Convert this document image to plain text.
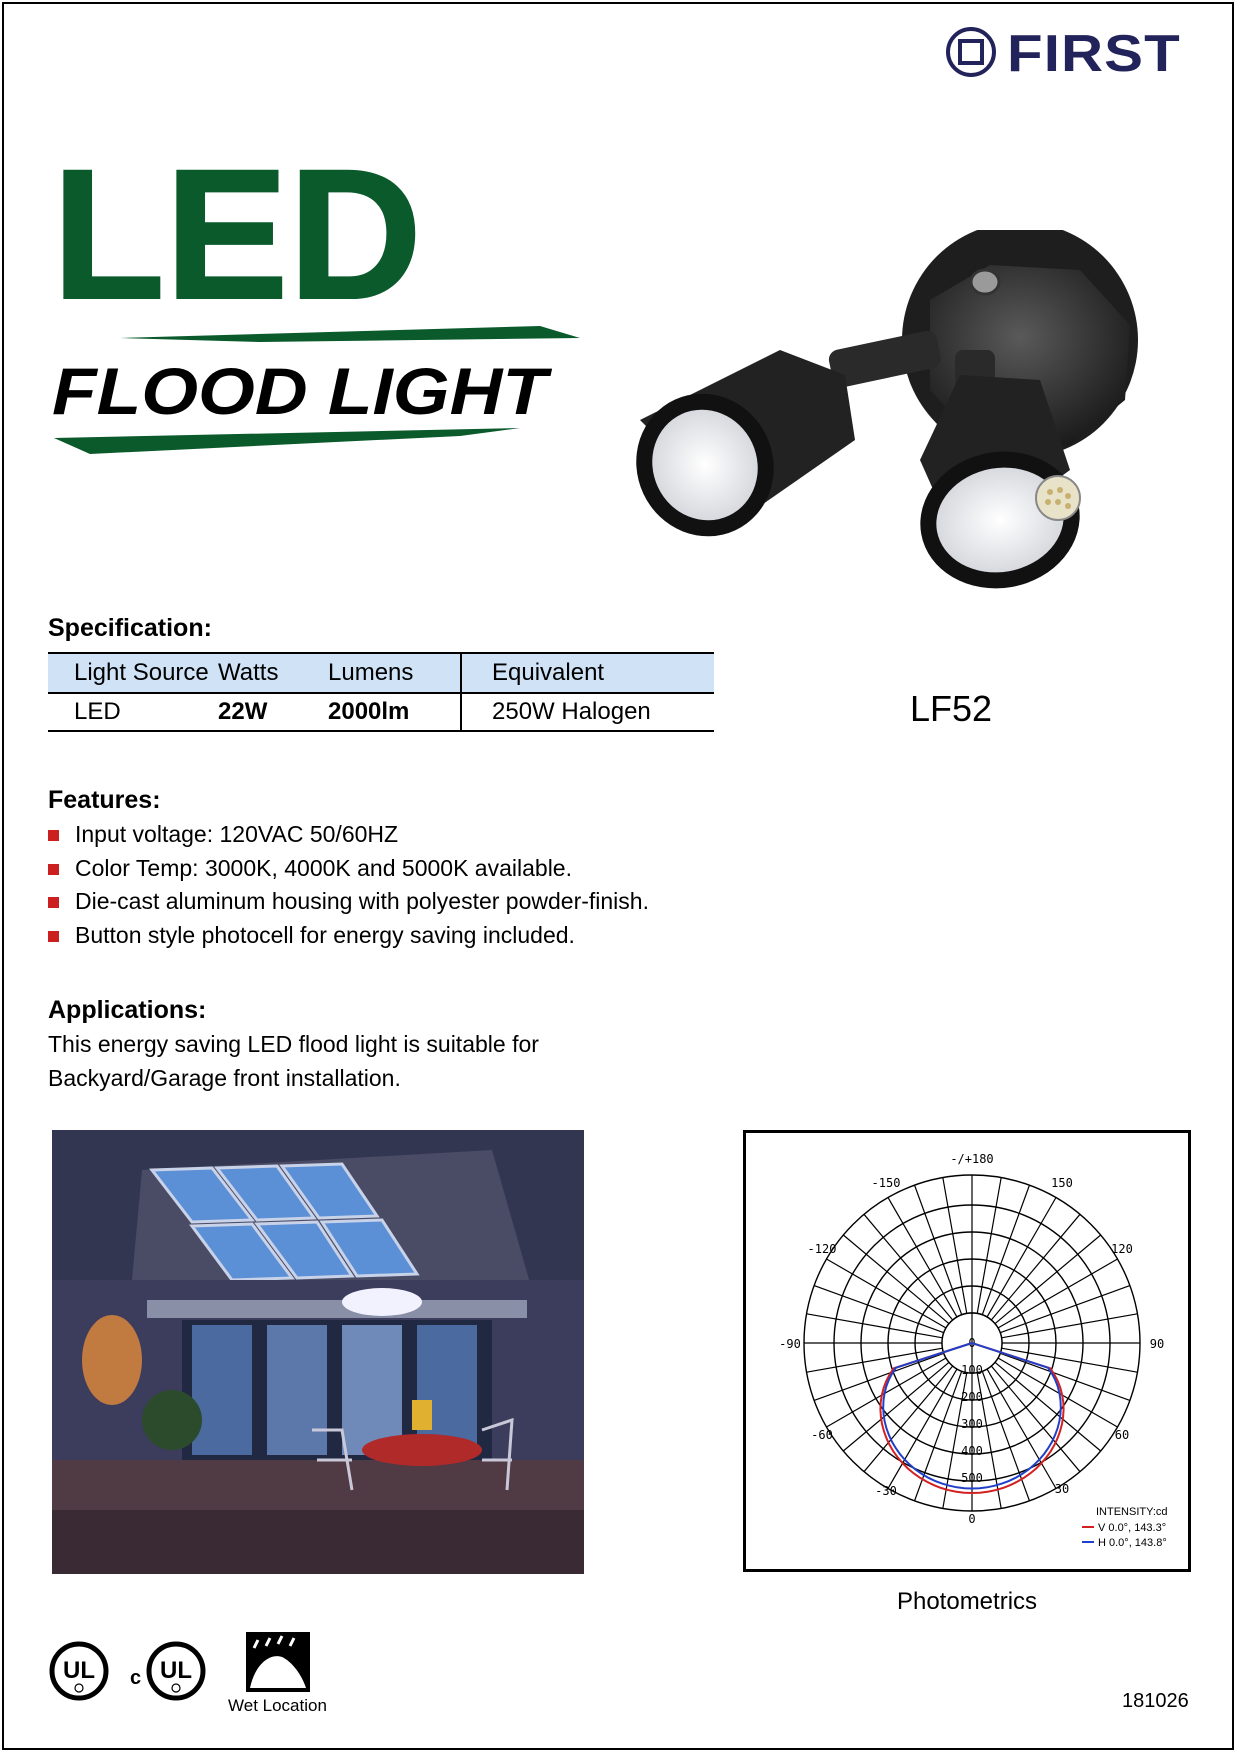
FIRST
LED
FLOOD LIGHT
LF52
Specification:
Light Source	Watts	Lumens	Equivalent
LED	22W	2000lm	250W Halogen
Features:
Input voltage: 120VAC 50/60HZ
Color Temp: 3000K, 4000K and 5000K available.
Die-cast aluminum housing with polyester powder-finish.
Button style photocell for energy saving included.
Applications:

This energy saving LED flood light is suitable for Backyard/Garage front installation.

-/+180
-150	150
-120	120
-90	90
-60	60
-30	30
0
0
100
200
300
400
500
INTENSITY:cd
V 0.0°, 143.3°
H 0.0°, 143.8°
Photometrics
UL c UL
Wet Location	181026
